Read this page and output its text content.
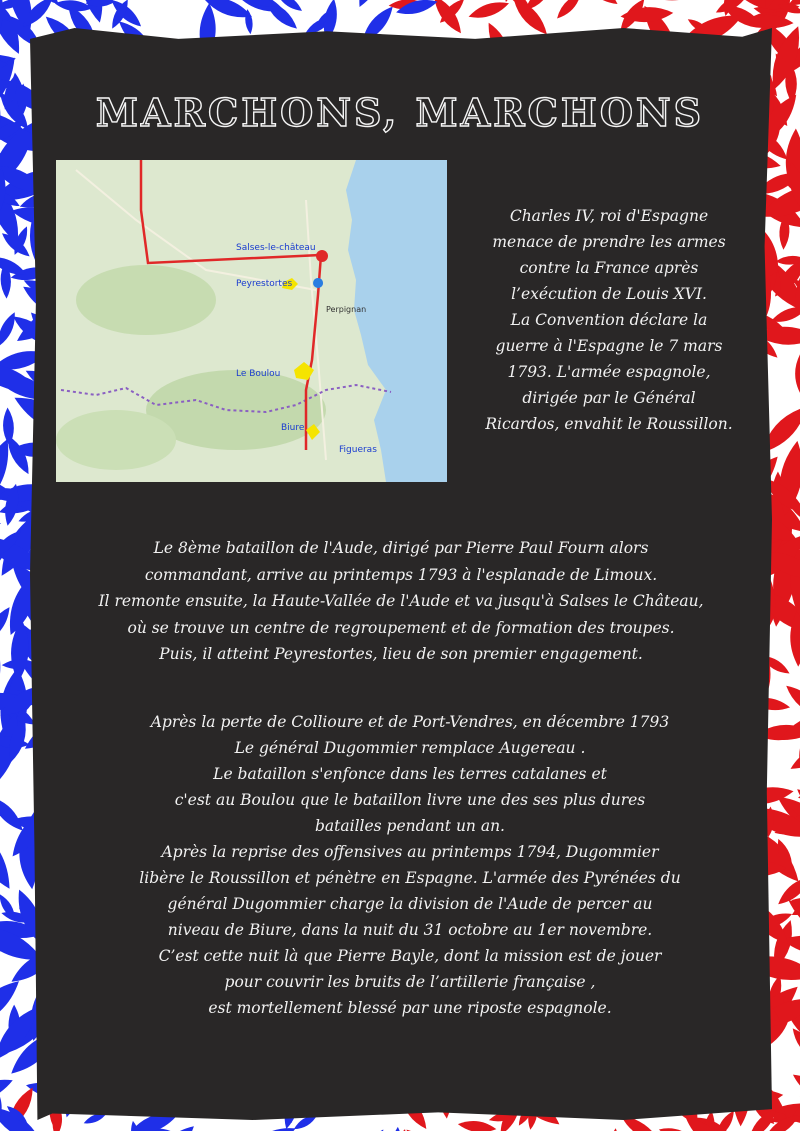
MARCHONS, MARCHONS
Salses-le-château
Peyrestortes
Perpignan
Le Boulou
Biure
Figueras
Charles IV, roi d'Espagne
menace de prendre les armes
contre la France après
l’exécution de Louis XVI.
La Convention déclare la
guerre à l'Espagne le 7 mars
1793. L'armée espagnole,
dirigée par le Général
Ricardos, envahit le Roussillon.
Le 8ème bataillon de l'Aude, dirigé par Pierre Paul Fourn alors
commandant, arrive au printemps 1793 à l'esplanade de Limoux.
Il remonte ensuite, la Haute-Vallée de l'Aude et va jusqu'à Salses le Château,
où se trouve un centre de regroupement et de formation des troupes.
Puis, il atteint Peyrestortes, lieu de son premier engagement.
Après la perte de Collioure et de Port-Vendres, en décembre 1793
Le général Dugommier remplace Augereau .
Le bataillon s'enfonce dans les terres catalanes et
c'est au Boulou que le bataillon livre une des ses plus dures
batailles pendant un an.
Après la reprise des offensives au printemps 1794, Dugommier
libère le Roussillon et pénètre en Espagne. L'armée des Pyrénées du
général Dugommier charge la division de l'Aude de percer au
niveau de Biure, dans la nuit du 31 octobre au 1er novembre.
C’est cette nuit là que Pierre Bayle, dont la mission est de jouer
pour couvrir les bruits de l’artillerie française ,
est mortellement blessé par une riposte espagnole.
